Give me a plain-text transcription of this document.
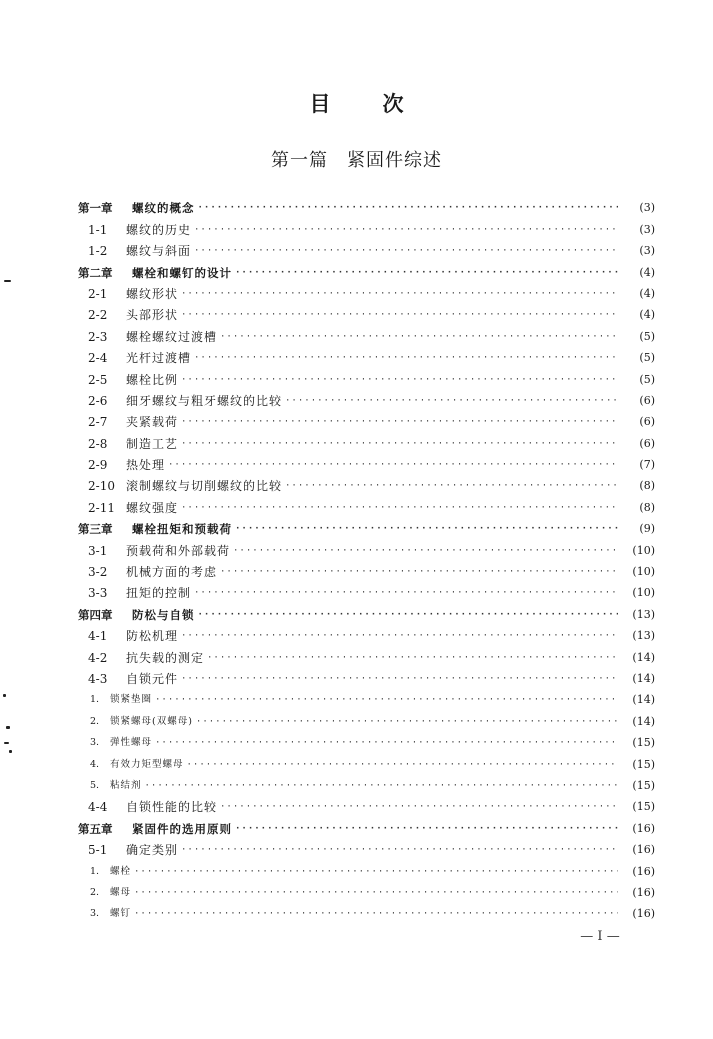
目次
第一篇　紧固件综述
第一章	螺纹的概念 ·····	(3)
1-1	螺纹的历史 ·····	(3)
1-2	螺纹与斜面 ·····	(3)
第二章	螺栓和螺钉的设计 ·····	(4)
2-1	螺纹形状 ·····	(4)
2-2	头部形状 ·····	(4)
2-3	螺栓螺纹过渡槽 ·····	(5)
2-4	光杆过渡槽 ·····	(5)
2-5	螺栓比例 ·····	(5)
2-6	细牙螺纹与粗牙螺纹的比较 ·····	(6)
2-7	夹紧载荷 ·····	(6)
2-8	制造工艺 ·····	(6)
2-9	热处理 ·····	(7)
2-10 滚制螺纹与切削螺纹的比较 ·····	(8)
2-11 螺纹强度 ·····	(8)
第三章	螺栓扭矩和预载荷 ·····	(9)
3-1	预载荷和外部载荷 ·····	(10)
3-2	机械方面的考虑 ·····	(10)
3-3	扭矩的控制 ·····	(10)
第四章	防松与自锁 ·····	(13)
4-1	防松机理 ·····	(13)
4-2	抗失载的测定 ·····	(14)
4-3	自锁元件 ·····	(14)
1.	锁紧垫圈 ·····	(14)
2.	锁紧螺母(双螺母) ·····	(14)
3.	弹性螺母 ·····	(15)
4.	有效力矩型螺母 ·····	(15)
5.	粘结剂 ·····	(15)
4-4	自锁性能的比较 ·····	(15)
第五章	紧固件的选用原则 ·····	(16)
5-1	确定类别 ·····	(16)
1.	螺栓 ·····	(16)
2.	螺母 ·····	(16)
3.	螺钉 ·····	(16)
— I —
